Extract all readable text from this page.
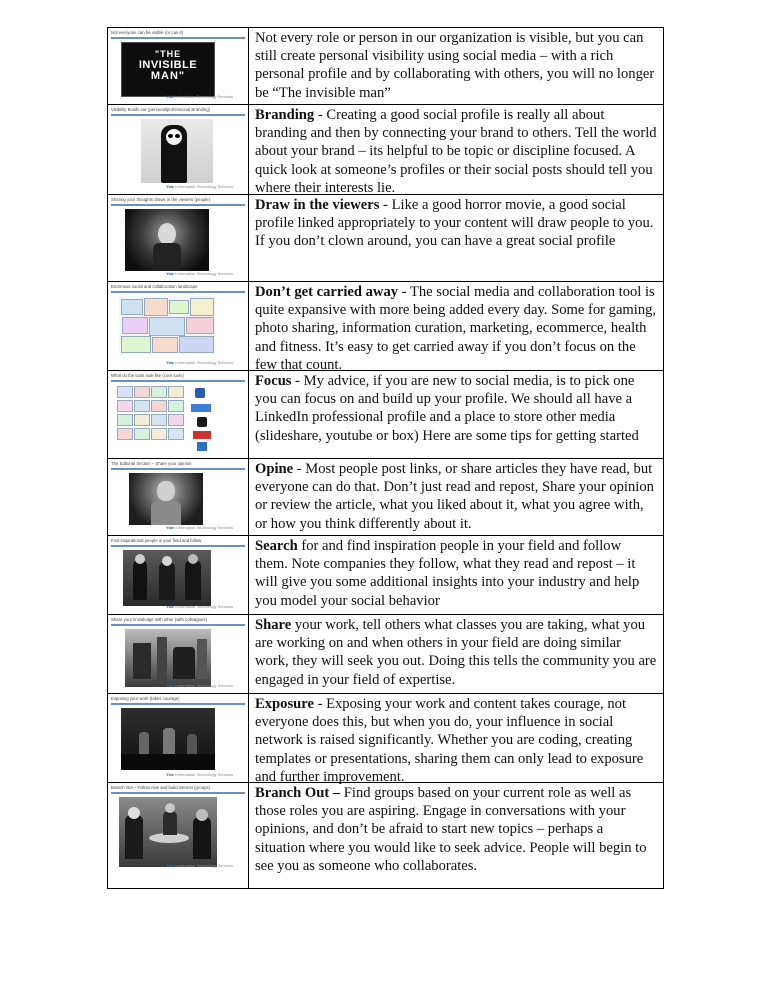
Not everyone can be visible (or can it)
"THE
INVISIBLE
MAN"
Yale Information Technology Services
Not every role or person in our organization is visible, but you can still create personal visibility using social media – with a rich personal profile and by collaborating with others, you will no longer be “The invisible man”
Visibility Builds our (personal/professional Branding)
Yale Information Technology Services
Branding - Creating a good social profile is really all about branding and then by connecting your brand to others. Tell the world about your brand – its helpful to be topic or discipline focused. A quick look at someone’s profiles or their social posts should tell you where their interests lie.
Sharing your thoughts draws in the viewers (people)
Yale Information Technology Services
Draw in the viewers - Like a good horror movie, a good social profile linked appropriately to your content will draw people to you. If you don’t clown around, you can have a great social profile
Enormous social and collaboration landscape
Yale Information Technology Services
Don’t get carried away - The social media and collaboration tool is quite expansive with more being added every day. Some for gaming, photo sharing, information curation, marketing, ecommerce, health and fitness. It’s easy to get carried away if you don’t focus on the few that count.
What do the tools look like (core tools)	Focus - My advice, if you are new to social media, is to pick one you can focus on and build up your profile. We should all have a LinkedIn professional profile and a place to store other media (slideshare, youtube or box) Here are some tips for getting started
The Editorial Section – Share your opinion
Yale Information Technology Services
Opine - Most people post links, or share articles they have read, but everyone can do that. Don’t just read and repost, Share your opinion or review the article, what you liked about it, what you agree with, or how you think differently about it.
Find inspirational people in your field and follow
Yale Information Technology Services
Search for and find inspiration people in your field and follow them. Note companies they follow, what they read and repost – it will give you some additional insights into your industry and help you model your social behavior
Share your knowledge with other (with colleagues)
Yale Information Technology Services
Share your work, tell others what classes you are taking, what you are working on and when others in your field are doing similar work, they will seek you out. Doing this tells the community you are engaged in your field of expertise.
Exposing your work (takes courage)
Yale Information Technology Services
Exposure - Exposing your work and content takes courage, not everyone does this, but when you do, your influence in social network is raised significantly. Whether you are coding, creating templates or presentations, sharing them can only lead to exposure and further improvement.
Branch Out – Follow new and build interest (groups)
Yale Information Technology Services
Branch Out – Find groups based on your current role as well as those roles you are aspiring. Engage in conversations with your opinions, and don’t be afraid to start new topics – perhaps a situation where you would like to seek advice. People will begin to see you as someone who collaborates.
